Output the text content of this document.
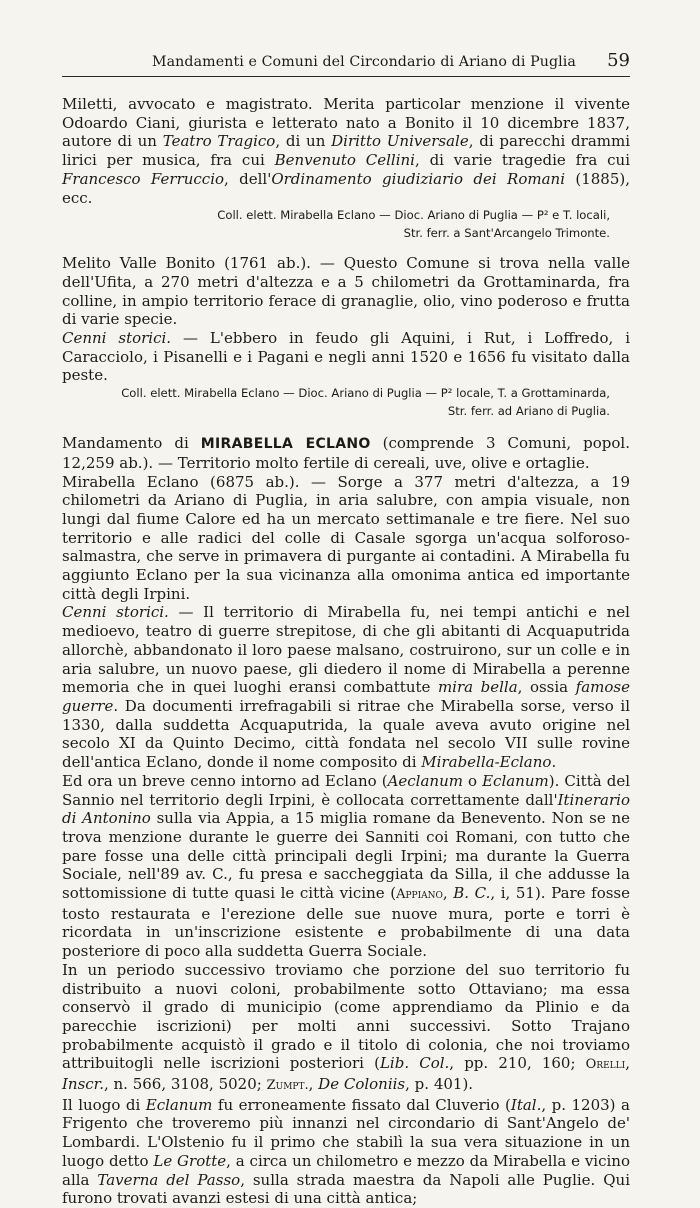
Mandamenti e Comuni del Circondario di Ariano di Puglia 59

Miletti, avvocato e magistrato. Merita particolar menzione il vivente Odoardo Ciani, giurista e letterato nato a Bonito il 10 dicembre 1837, autore di un Teatro Tragico, di un Diritto Universale, di parecchi drammi lirici per musica, fra cui Benvenuto Cellini, di varie tragedie fra cui Francesco Ferruccio, dell'Ordinamento giudiziario dei Romani (1885), ecc.

Coll. elett. Mirabella Eclano — Dioc. Ariano di Puglia — P² e T. locali,
Str. ferr. a Sant'Arcangelo Trimonte.

Melito Valle Bonito (1761 ab.). — Questo Comune si trova nella valle dell'Ufita, a 270 metri d'altezza e a 5 chilometri da Grottaminarda, fra colline, in ampio territorio ferace di granaglie, olio, vino poderoso e frutta di varie specie.

Cenni storici. — L'ebbero in feudo gli Aquini, i Rut, i Loffredo, i Caracciolo, i Pisanelli e i Pagani e negli anni 1520 e 1656 fu visitato dalla peste.

Coll. elett. Mirabella Eclano — Dioc. Ariano di Puglia — P² locale, T. a Grottaminarda,
Str. ferr. ad Ariano di Puglia.

Mandamento di MIRABELLA ECLANO (comprende 3 Comuni, popol. 12,259 ab.). — Territorio molto fertile di cereali, uve, olive e ortaglie.

Mirabella Eclano (6875 ab.). — Sorge a 377 metri d'altezza, a 19 chilometri da Ariano di Puglia, in aria salubre, con ampia visuale, non lungi dal fiume Calore ed ha un mercato settimanale e tre fiere. Nel suo territorio e alle radici del colle di Casale sgorga un'acqua solforoso-salmastra, che serve in primavera di purgante ai contadini. A Mirabella fu aggiunto Eclano per la sua vicinanza alla omonima antica ed importante città degli Irpini.

Cenni storici. — Il territorio di Mirabella fu, nei tempi antichi e nel medioevo, teatro di guerre strepitose, di che gli abitanti di Acquaputrida allorchè, abbandonato il loro paese malsano, costruirono, sur un colle e in aria salubre, un nuovo paese, gli diedero il nome di Mirabella a perenne memoria che in quei luoghi eransi combattute mira bella, ossia famose guerre. Da documenti irrefragabili si ritrae che Mirabella sorse, verso il 1330, dalla suddetta Acquaputrida, la quale aveva avuto origine nel secolo XI da Quinto Decimo, città fondata nel secolo VII sulle rovine dell'antica Eclano, donde il nome composito di Mirabella-Eclano.

Ed ora un breve cenno intorno ad Eclano (Aeclanum o Eclanum). Città del Sannio nel territorio degli Irpini, è collocata correttamente dall'Itinerario di Antonino sulla via Appia, a 15 miglia romane da Benevento. Non se ne trova menzione durante le guerre dei Sanniti coi Romani, con tutto che pare fosse una delle città principali degli Irpini; ma durante la Guerra Sociale, nell'89 av. C., fu presa e saccheggiata da Silla, il che addusse la sottomissione di tutte quasi le città vicine (Appiano, B. C., i, 51). Pare fosse tosto restaurata e l'erezione delle sue nuove mura, porte e torri è ricordata in un'inscrizione esistente e probabilmente di una data posteriore di poco alla suddetta Guerra Sociale.

In un periodo successivo troviamo che porzione del suo territorio fu distribuito a nuovi coloni, probabilmente sotto Ottaviano; ma essa conservò il grado di municipio (come apprendiamo da Plinio e da parecchie iscrizioni) per molti anni successivi. Sotto Trajano probabilmente acquistò il grado e il titolo di colonia, che noi troviamo attribuitogli nelle iscrizioni posteriori (Lib. Col., pp. 210, 160; Orelli, Inscr., n. 566, 3108, 5020; Zumpt., De Coloniis, p. 401).

Il luogo di Eclanum fu erroneamente fissato dal Cluverio (Ital., p. 1203) a Frigento che troveremo più innanzi nel circondario di Sant'Angelo de' Lombardi. L'Olstenio fu il primo che stabilì la sua vera situazione in un luogo detto Le Grotte, a circa un chilometro e mezzo da Mirabella e vicino alla Taverna del Passo, sulla strada maestra da Napoli alle Puglie. Qui furono trovati avanzi estesi di una città antica;
